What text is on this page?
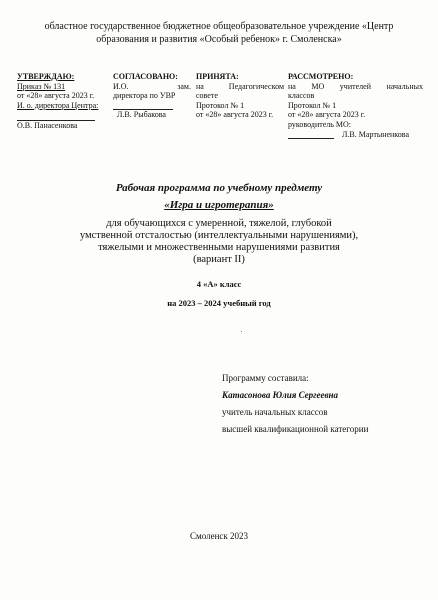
областное государственное бюджетное общеобразовательное учреждение «Центр образования и развития «Особый ребенок» г. Смоленска»
УТВЕРЖДАЮ:
Приказ № 131
от «28» августа 2023 г.
И. о. директора Центра:
О.В. Панасенкова
СОГЛАСОВАНО:
И.О.	зам.
директора по УВР
Л.В. Рыбакова
ПРИНЯТА:
на	Педагогическом
совете
Протокол № 1
от «28» августа 2023 г.
РАССМОТРЕНО:
на МО учителей начальных
классов
Протокол № 1
от «28» августа 2023 г.
руководитель МО:
Л.В. Мартыненкова
Рабочая программа по учебному предмету
«Игра и игротерапия»
для обучающихся с умеренной, тяжелой, глубокой
умственной отсталостью (интеллектуальными нарушениями),
тяжелыми и множественными нарушениями развития
(вариант II)
4 «А» класс
на 2023 – 2024 учебный год
Программу составила:
Катасонова Юлия Сергеевна
учитель начальных классов
высшей квалификационной категории
Смоленск 2023
